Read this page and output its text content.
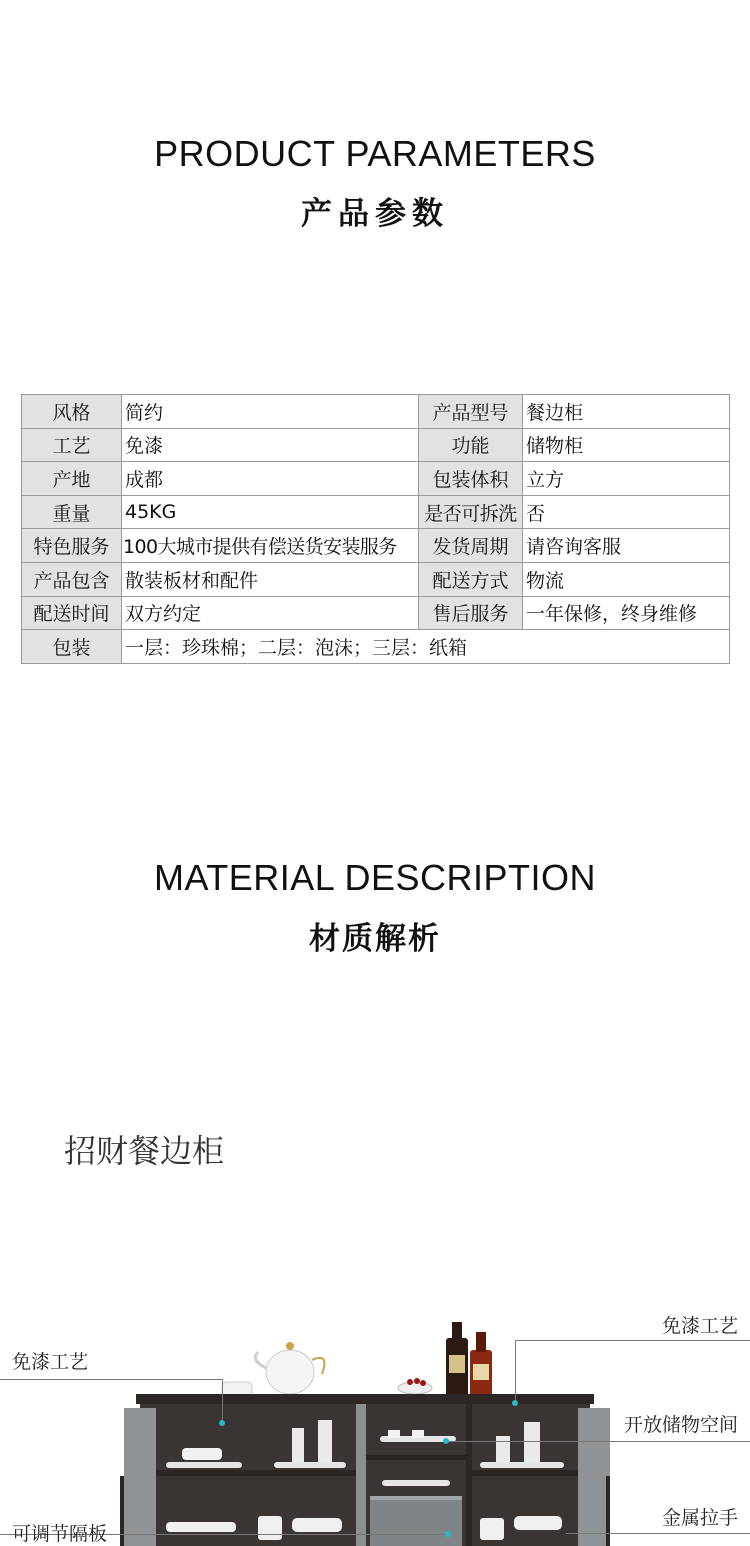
PRODUCT PARAMETERS
产品参数
风格	简约	产品型号	餐边柜
工艺	免漆	功能	储物柜
产地	成都	包装体积	立方
重量	45KG	是否可拆洗	否
特色服务	100大城市提供有偿送货安装服务	发货周期	请咨询客服
产品包含	散装板材和配件	配送方式	物流
配送时间	双方约定	售后服务	一年保修，终身维修
包装	一层：珍珠棉；二层：泡沫；三层：纸箱		
MATERIAL DESCRIPTION
材质解析
招财餐边柜
免漆工艺
可调节隔板
免漆工艺
开放储物空间
金属拉手
